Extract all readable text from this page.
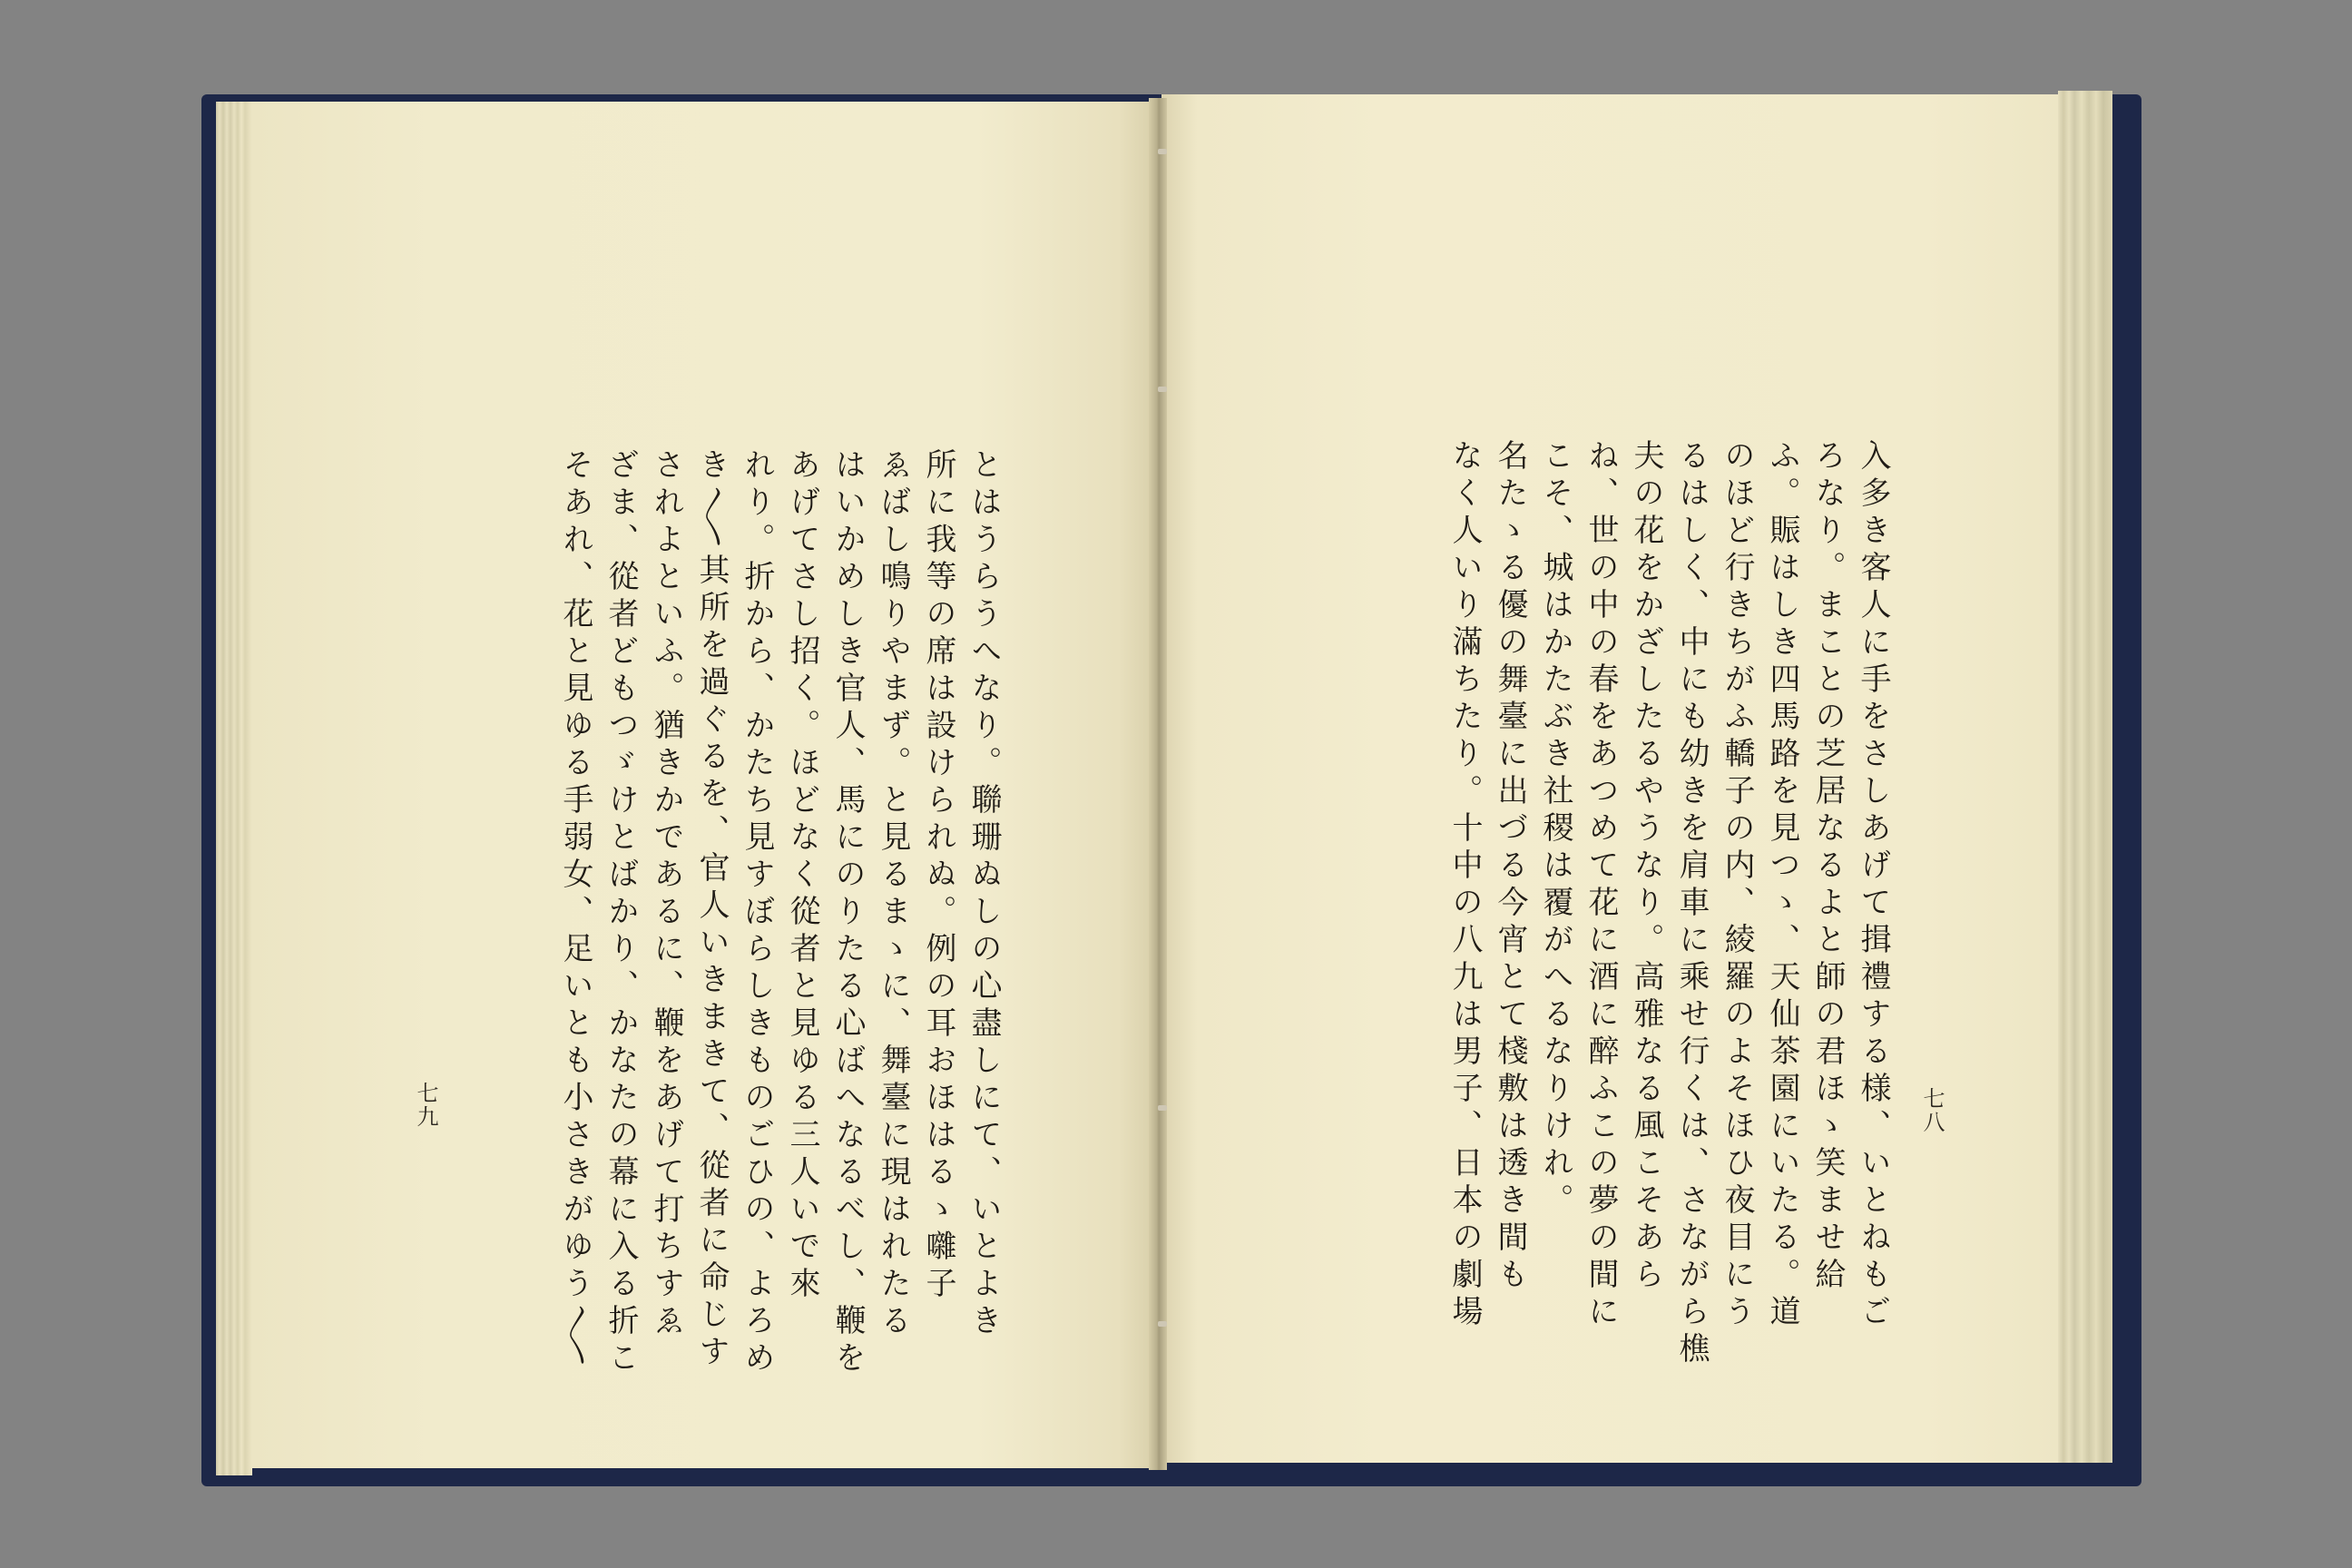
とはうらうへなり。聯珊ぬしの心盡しにて、いとよき
所に我等の席は設けられぬ。例の耳おほはるゝ囃子
ゑばし鳴りやまず。と見るまゝに、舞臺に現はれたる
はいかめしき官人、馬にのりたる心ばへなるべし、鞭を
あげてさし招く。ほどなく從者と見ゆる三人いで來
れり。折から、かたち見すぼらしきものごひの、よろめ
き〱其所を過ぐるを、官人いきまきて、從者に命じす
されよといふ。猶きかであるに、鞭をあげて打ちすゑ
ざま、從者どもつゞけとばかり、かなたの幕に入る折こ
そあれ、花と見ゆる手弱女、足いとも小さきがゆう〱
七九	入多き客人に手をさしあげて揖禮する様、いとねもご
ろなり。まことの芝居なるよと師の君ほゝ笑ませ給
ふ。賑はしき四馬路を見つゝ、天仙茶園にいたる。道
のほど行きちがふ轎子の内、綾羅のよそほひ夜目にう
るはしく、中にも幼きを肩車に乘せ行くは、さながら樵
夫の花をかざしたるやうなり。高雅なる風こそあら
ね、世の中の春をあつめて花に酒に醉ふこの夢の間に
こそ、城はかたぶき社稷は覆がへるなりけれ。
名たゝる優の舞臺に出づる今宵とて棧敷は透き間も
なく人いり滿ちたり。十中の八九は男子、日本の劇場	七八
